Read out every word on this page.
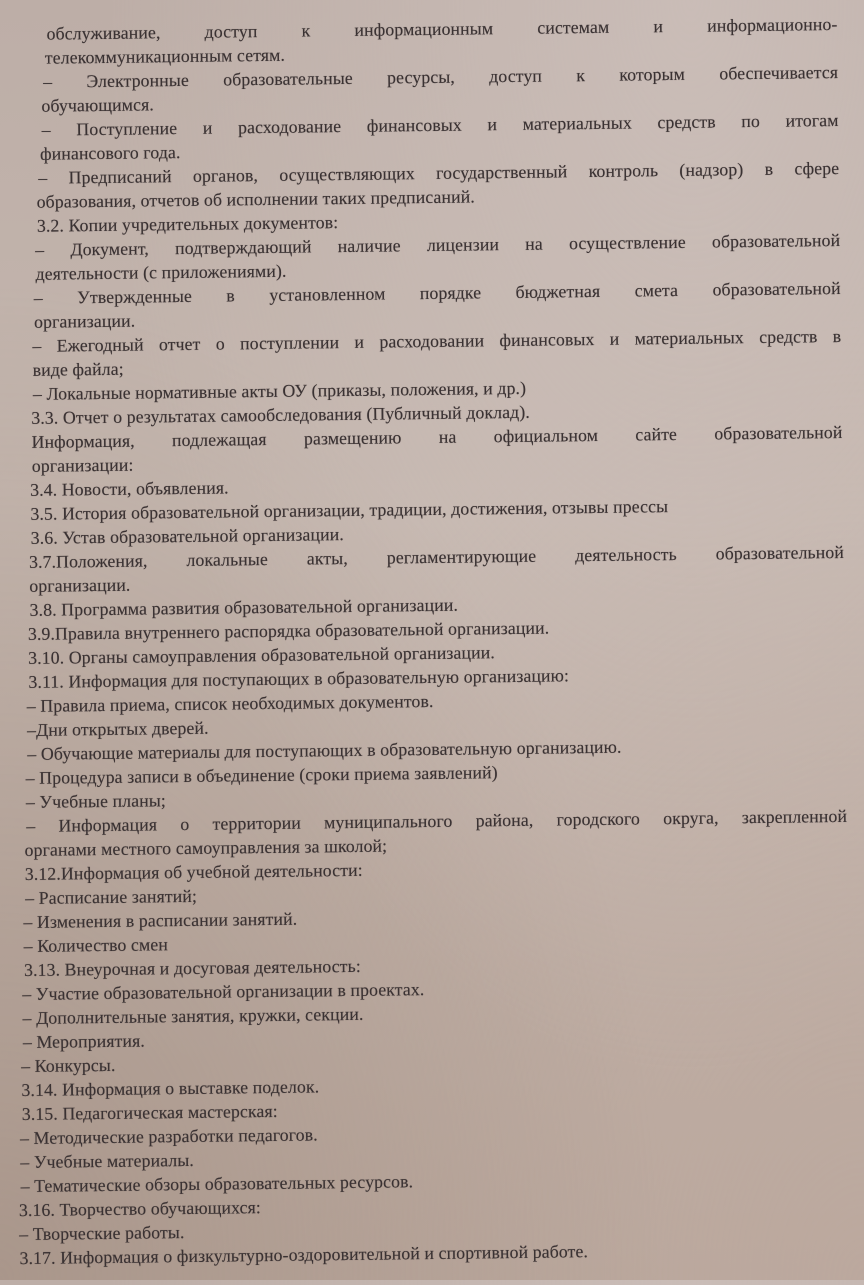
обслуживание, доступ к информационным системам и информационно-
телекоммуникационным сетям.
– Электронные образовательные ресурсы, доступ к которым обеспечивается
обучающимся.
– Поступление и расходование финансовых и материальных средств по итогам
финансового года.
– Предписаний органов, осуществляющих государственный контроль (надзор) в сфере
образования, отчетов об исполнении таких предписаний.
3.2. Копии учредительных документов:
– Документ, подтверждающий наличие лицензии на осуществление образовательной
деятельности (с приложениями).
– Утвержденные в установленном порядке бюджетная смета образовательной
организации.
– Ежегодный отчет о поступлении и расходовании финансовых и материальных средств в
виде файла;
– Локальные нормативные акты ОУ (приказы, положения, и др.)
3.3. Отчет о результатах самообследования (Публичный доклад).
Информация, подлежащая размещению на официальном сайте образовательной
организации:
3.4. Новости, объявления.
3.5. История образовательной организации, традиции, достижения, отзывы прессы
3.6. Устав образовательной организации.
3.7.Положения, локальные акты, регламентирующие деятельность образовательной
организации.
3.8. Программа развития образовательной организации.
3.9.Правила внутреннего распорядка образовательной организации.
3.10. Органы самоуправления образовательной организации.
3.11. Информация для поступающих в образовательную организацию:
– Правила приема, список необходимых документов.
–Дни открытых дверей.
– Обучающие материалы для поступающих в образовательную организацию.
– Процедура записи в объединение (сроки приема заявлений)
– Учебные планы;
– Информация о территории муниципального района, городского округа, закрепленной
органами местного самоуправления за школой;
3.12.Информация об учебной деятельности:
– Расписание занятий;
– Изменения в расписании занятий.
– Количество смен
3.13. Внеурочная и досуговая деятельность:
– Участие образовательной организации в проектах.
– Дополнительные занятия, кружки, секции.
– Мероприятия.
– Конкурсы.
3.14. Информация о выставке поделок.
3.15. Педагогическая мастерская:
– Методические разработки педагогов.
– Учебные материалы.
– Тематические обзоры образовательных ресурсов.
3.16. Творчество обучающихся:
– Творческие работы.
3.17. Информация о физкультурно-оздоровительной и спортивной работе.
